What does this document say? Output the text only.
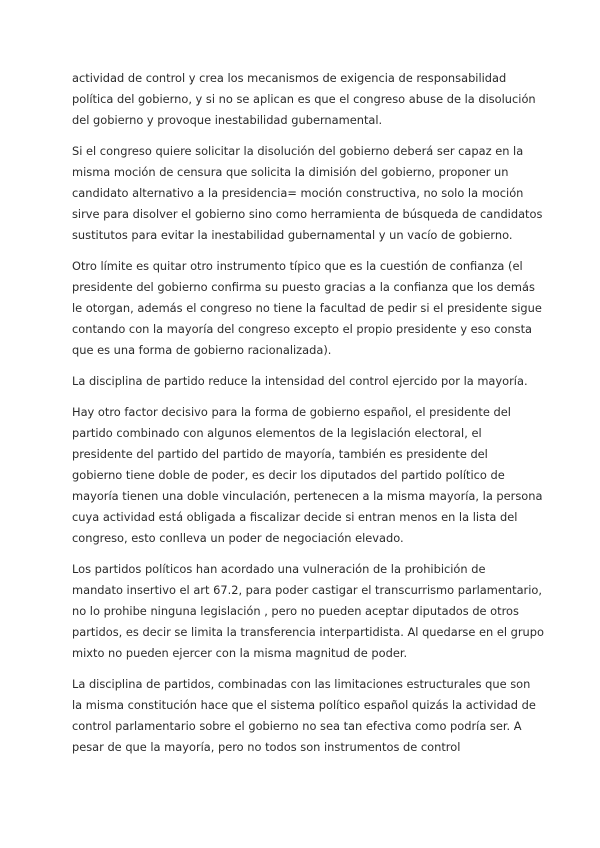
actividad de control y crea los mecanismos de exigencia de responsabilidad
política del gobierno, y si no se aplican es que el congreso abuse de la disolución
del gobierno y provoque inestabilidad gubernamental.

Si el congreso quiere solicitar la disolución del gobierno deberá ser capaz en la
misma moción de censura que solicita la dimisión del gobierno, proponer un
candidato alternativo a la presidencia= moción constructiva, no solo la moción
sirve para disolver el gobierno sino como herramienta de búsqueda de candidatos
sustitutos para evitar la inestabilidad gubernamental y un vacío de gobierno.

Otro límite es quitar otro instrumento típico que es la cuestión de confianza (el
presidente del gobierno confirma su puesto gracias a la confianza que los demás
le otorgan, además el congreso no tiene la facultad de pedir si el presidente sigue
contando con la mayoría del congreso excepto el propio presidente y eso consta
que es una forma de gobierno racionalizada).

La disciplina de partido reduce la intensidad del control ejercido por la mayoría.

Hay otro factor decisivo para la forma de gobierno español, el presidente del
partido combinado con algunos elementos de la legislación electoral, el
presidente del partido del partido de mayoría, también es presidente del
gobierno tiene doble de poder, es decir los diputados del partido político de
mayoría tienen una doble vinculación, pertenecen a la misma mayoría, la persona
cuya actividad está obligada a fiscalizar decide si entran menos en la lista del
congreso, esto conlleva un poder de negociación elevado.

Los partidos políticos han acordado una vulneración de la prohibición de
mandato insertivo el art 67.2, para poder castigar el transcurrismo parlamentario,
no lo prohibe ninguna legislación , pero no pueden aceptar diputados de otros
partidos, es decir se limita la transferencia interpartidista. Al quedarse en el grupo
mixto no pueden ejercer con la misma magnitud de poder.

La disciplina de partidos, combinadas con las limitaciones estructurales que son
la misma constitución hace que el sistema político español quizás la actividad de
control parlamentario sobre el gobierno no sea tan efectiva como podría ser. A
pesar de que la mayoría, pero no todos son instrumentos de control
